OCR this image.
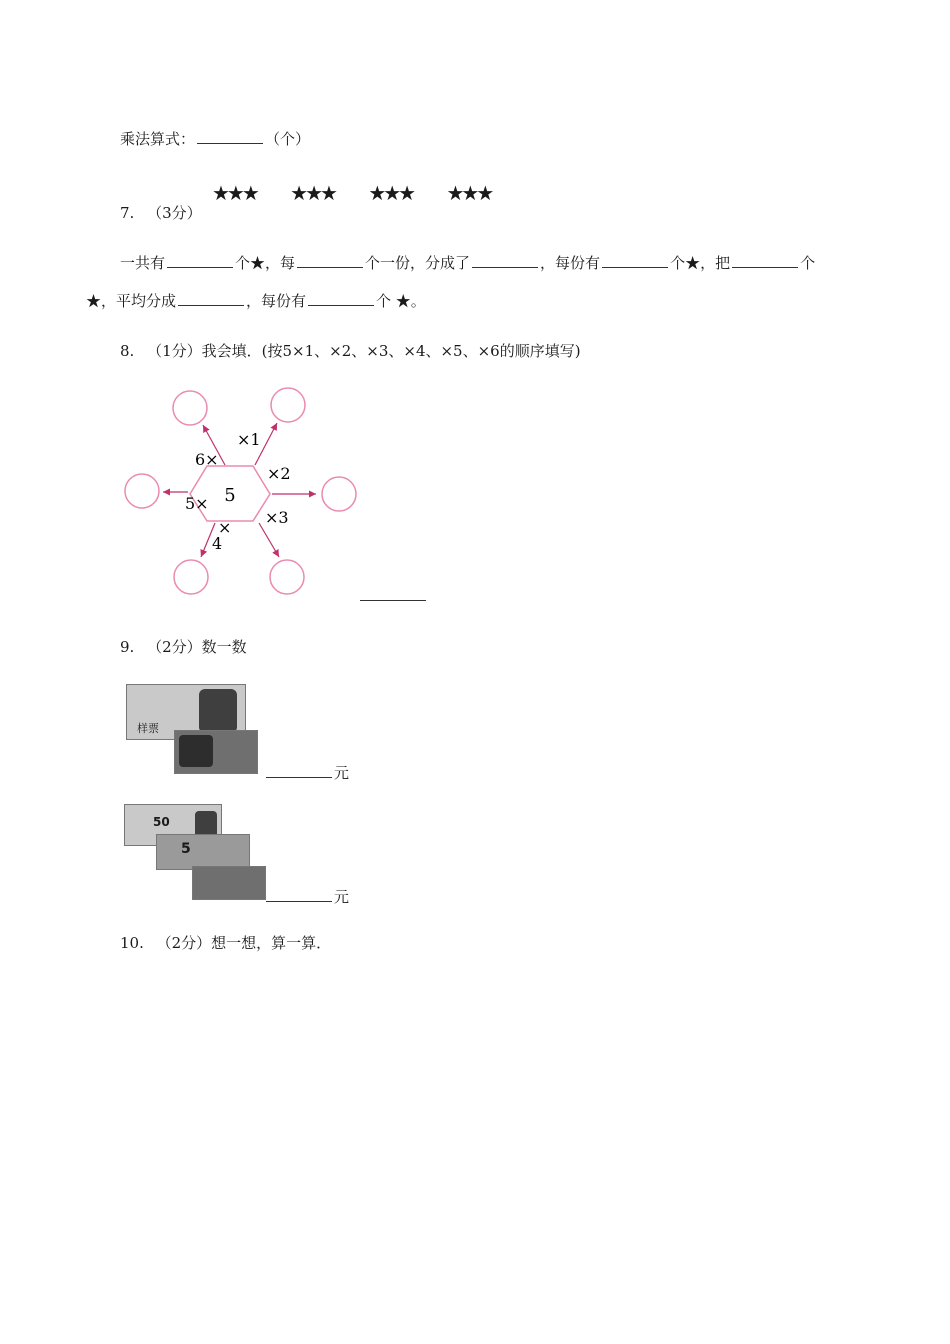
乘法算式：	（个）
★★★ ★★★ ★★★ ★★★
7. （3分）
一共有	个★，每	个一份，分成了	，每份有	个★，把	个
★，平均分成	，每份有	个 ★。
8. （1分）我会填．(按5×1、×2、×3、×4、×5、×6的顺序填写)
5
×1
6×
×2
5×
×3
×
4
9. （2分）数一数
样票
元
50
5
元
10. （2分）想一想，算一算．
